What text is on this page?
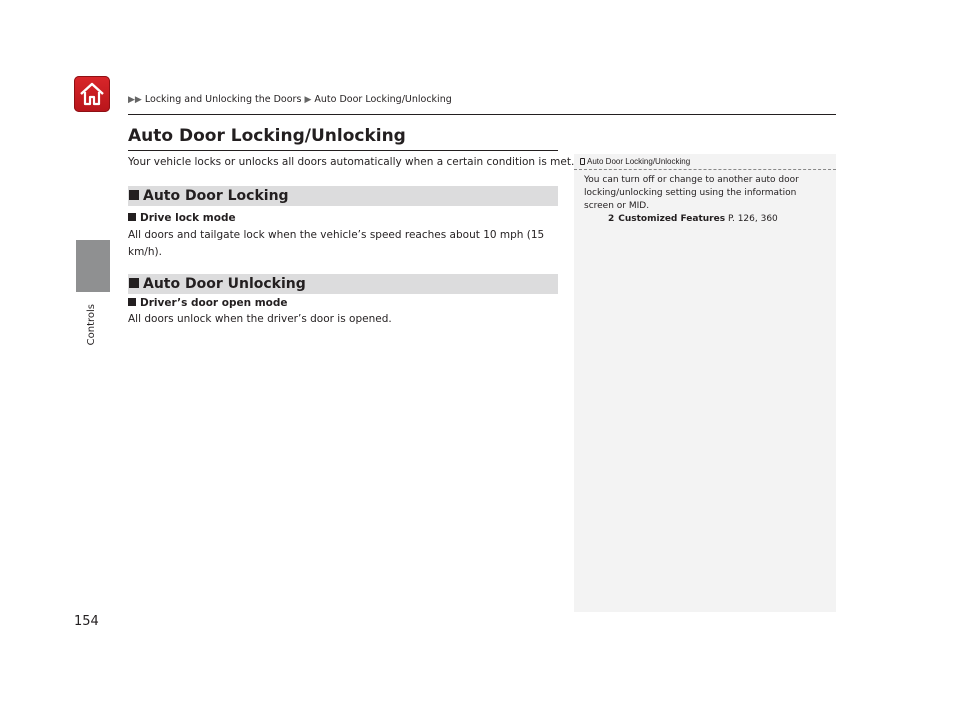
▶▶ Locking and Unlocking the Doors ▶ Auto Door Locking/Unlocking
Controls
Auto Door Locking/Unlocking
Your vehicle locks or unlocks all doors automatically when a certain condition is met.
Auto Door Locking
Drive lock mode
All doors and tailgate lock when the vehicle’s speed reaches about 10 mph (15 km/h).
Auto Door Unlocking
Driver’s door open mode
All doors unlock when the driver’s door is opened.
Auto Door Locking/Unlocking
You can turn off or change to another auto door locking/unlocking setting using the information screen or MID.
2 Customized Features P. 126, 360
154
